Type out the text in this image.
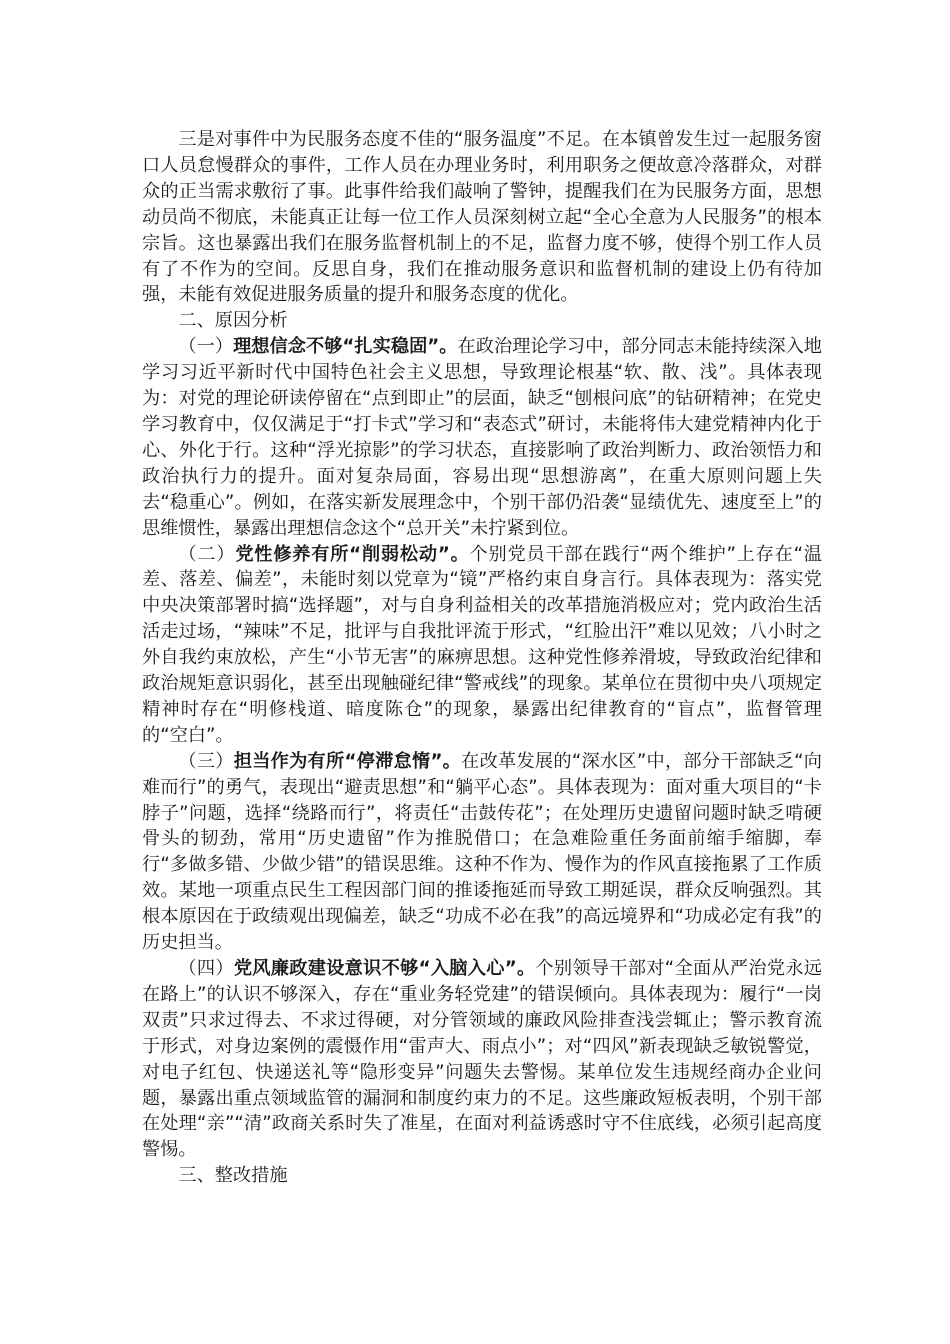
三是对事件中为民服务态度不佳的“服务温度”不足。在本镇曾发生过一起服务窗口人员怠慢群众的事件，工作人员在办理业务时，利用职务之便故意冷落群众，对群众的正当需求敷衍了事。此事件给我们敲响了警钟，提醒我们在为民服务方面，思想动员尚不彻底，未能真正让每一位工作人员深刻树立起“全心全意为人民服务”的根本宗旨。这也暴露出我们在服务监督机制上的不足，监督力度不够，使得个别工作人员有了不作为的空间。反思自身，我们在推动服务意识和监督机制的建设上仍有待加强，未能有效促进服务质量的提升和服务态度的优化。

二、原因分析

（一）理想信念不够“扎实稳固”。在政治理论学习中，部分同志未能持续深入地学习习近平新时代中国特色社会主义思想，导致理论根基“软、散、浅”。具体表现为：对党的理论研读停留在“点到即止”的层面，缺乏“刨根问底”的钻研精神；在党史学习教育中，仅仅满足于“打卡式”学习和“表态式”研讨，未能将伟大建党精神内化于心、外化于行。这种“浮光掠影”的学习状态，直接影响了政治判断力、政治领悟力和政治执行力的提升。面对复杂局面，容易出现“思想游离”，在重大原则问题上失去“稳重心”。例如，在落实新发展理念中，个别干部仍沿袭“显绩优先、速度至上”的思维惯性，暴露出理想信念这个“总开关”未拧紧到位。

（二）党性修养有所“削弱松动”。个别党员干部在践行“两个维护”上存在“温差、落差、偏差”，未能时刻以党章为“镜”严格约束自身言行。具体表现为：落实党中央决策部署时搞“选择题”，对与自身利益相关的改革措施消极应对；党内政治生活活走过场，“辣味”不足，批评与自我批评流于形式，“红脸出汗”难以见效；八小时之外自我约束放松，产生“小节无害”的麻痹思想。这种党性修养滑坡，导致政治纪律和政治规矩意识弱化，甚至出现触碰纪律“警戒线”的现象。某单位在贯彻中央八项规定精神时存在“明修栈道、暗度陈仓”的现象，暴露出纪律教育的“盲点”，监督管理的“空白”。

（三）担当作为有所“停滞怠惰”。在改革发展的“深水区”中，部分干部缺乏“向难而行”的勇气，表现出“避责思想”和“躺平心态”。具体表现为：面对重大项目的“卡脖子”问题，选择“绕路而行”，将责任“击鼓传花”；在处理历史遗留问题时缺乏啃硬骨头的韧劲，常用“历史遗留”作为推脱借口；在急难险重任务面前缩手缩脚，奉行“多做多错、少做少错”的错误思维。这种不作为、慢作为的作风直接拖累了工作质效。某地一项重点民生工程因部门间的推诿拖延而导致工期延误，群众反响强烈。其根本原因在于政绩观出现偏差，缺乏“功成不必在我”的高远境界和“功成必定有我”的历史担当。

（四）党风廉政建设意识不够“入脑入心”。个别领导干部对“全面从严治党永远在路上”的认识不够深入，存在“重业务轻党建”的错误倾向。具体表现为：履行“一岗双责”只求过得去、不求过得硬，对分管领域的廉政风险排查浅尝辄止；警示教育流于形式，对身边案例的震慑作用“雷声大、雨点小”；对“四风”新表现缺乏敏锐警觉，对电子红包、快递送礼等“隐形变异”问题失去警惕。某单位发生违规经商办企业问题，暴露出重点领域监管的漏洞和制度约束力的不足。这些廉政短板表明，个别干部在处理“亲”“清”政商关系时失了准星，在面对利益诱惑时守不住底线，必须引起高度警惕。

三、整改措施
